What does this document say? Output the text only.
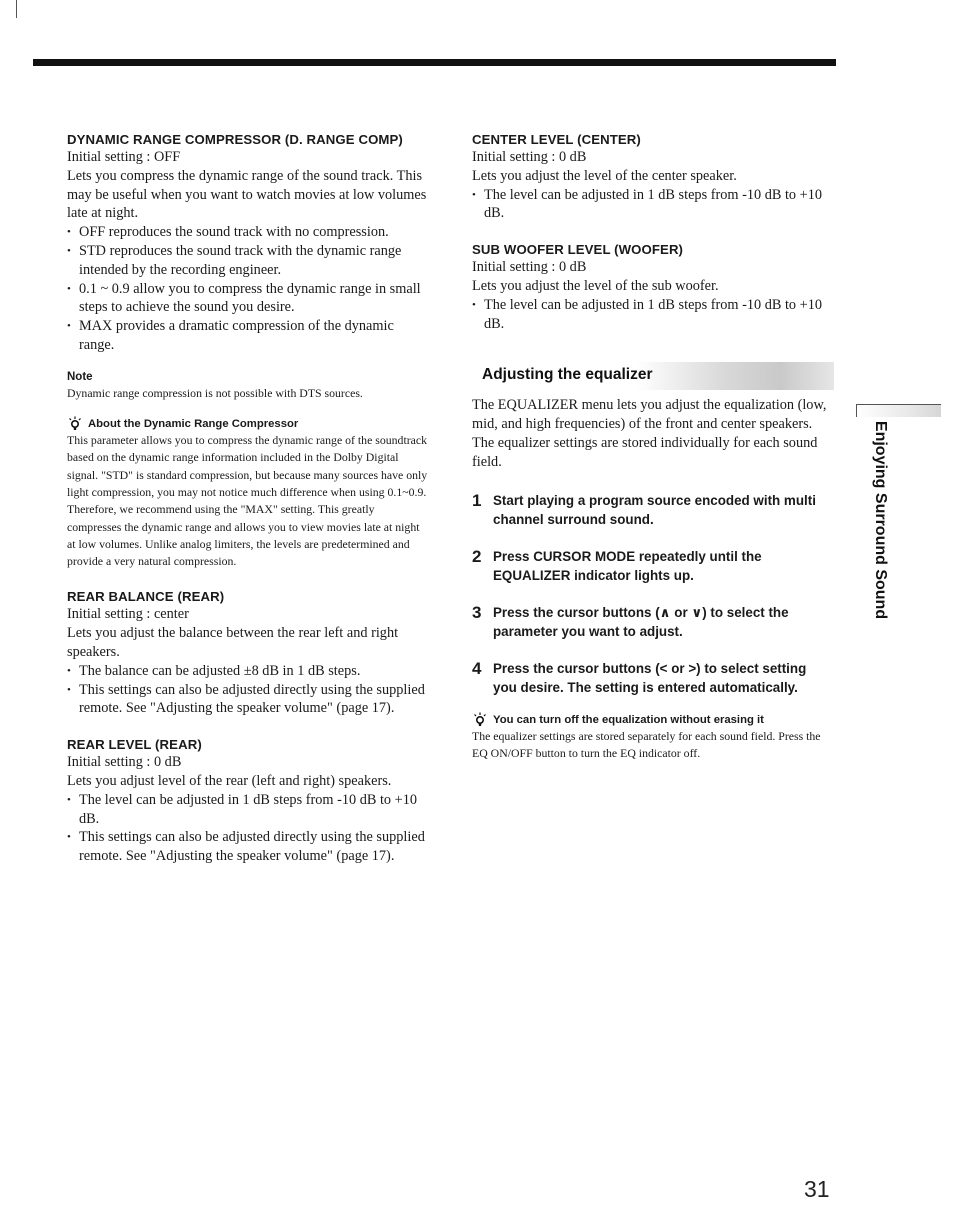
DYNAMIC RANGE COMPRESSOR (D. RANGE COMP)

Initial setting : OFF

Lets you compress the dynamic range of the sound track. This may be useful when you want to watch movies at low volumes late at night.

• OFF reproduces the sound track with no compression.
• STD reproduces the sound track with the dynamic range intended by the recording engineer.
• 0.1 ~ 0.9 allow you to compress the dynamic range in small steps to achieve the sound you desire.
• MAX provides a dramatic compression of the dynamic range.

Note

Dynamic range compression is not possible with DTS sources.

About the Dynamic Range Compressor

This parameter allows you to compress the dynamic range of the soundtrack based on the dynamic range information included in the Dolby Digital signal. "STD" is standard compression, but because many sources have only light compression, you may not notice much difference when using 0.1~0.9.

Therefore, we recommend using the "MAX" setting. This greatly compresses the dynamic range and allows you to view movies late at night at low volumes. Unlike analog limiters, the levels are predetermined and provide a very natural compression.

REAR BALANCE (REAR)

Initial setting : center

Lets you adjust the balance between the rear left and right speakers.

• The balance can be adjusted ±8 dB in 1 dB steps.
• This settings can also be adjusted directly using the supplied remote. See "Adjusting the speaker volume" (page 17).
REAR LEVEL (REAR)

Initial setting : 0 dB

Lets you adjust level of the rear (left and right) speakers.

• The level can be adjusted in 1 dB steps from -10 dB to +10 dB.
• This settings can also be adjusted directly using the supplied remote. See "Adjusting the speaker volume" (page 17).
CENTER LEVEL (CENTER)

Initial setting : 0 dB

Lets you adjust the level of the center speaker.

• The level can be adjusted in 1 dB steps from -10 dB to +10 dB.
SUB WOOFER LEVEL (WOOFER)

Initial setting : 0 dB

Lets you adjust the level of the sub woofer.

• The level can be adjusted in 1 dB steps from -10 dB to +10 dB.
Adjusting the equalizer

The EQUALIZER menu lets you adjust the equalization (low, mid, and high frequencies) of the front and center speakers. The equalizer settings are stored individually for each sound field.

1 Start playing a program source encoded with multi channel surround sound.
2 Press CURSOR MODE repeatedly until the EQUALIZER indicator lights up.
3 Press the cursor buttons (∧ or ∨) to select the parameter you want to adjust.
4 Press the cursor buttons (< or >) to select setting you desire. The setting is entered automatically.

You can turn off the equalization without erasing it

The equalizer settings are stored separately for each sound field. Press the EQ ON/OFF button to turn the EQ indicator off.

Enjoying Surround Sound
31
